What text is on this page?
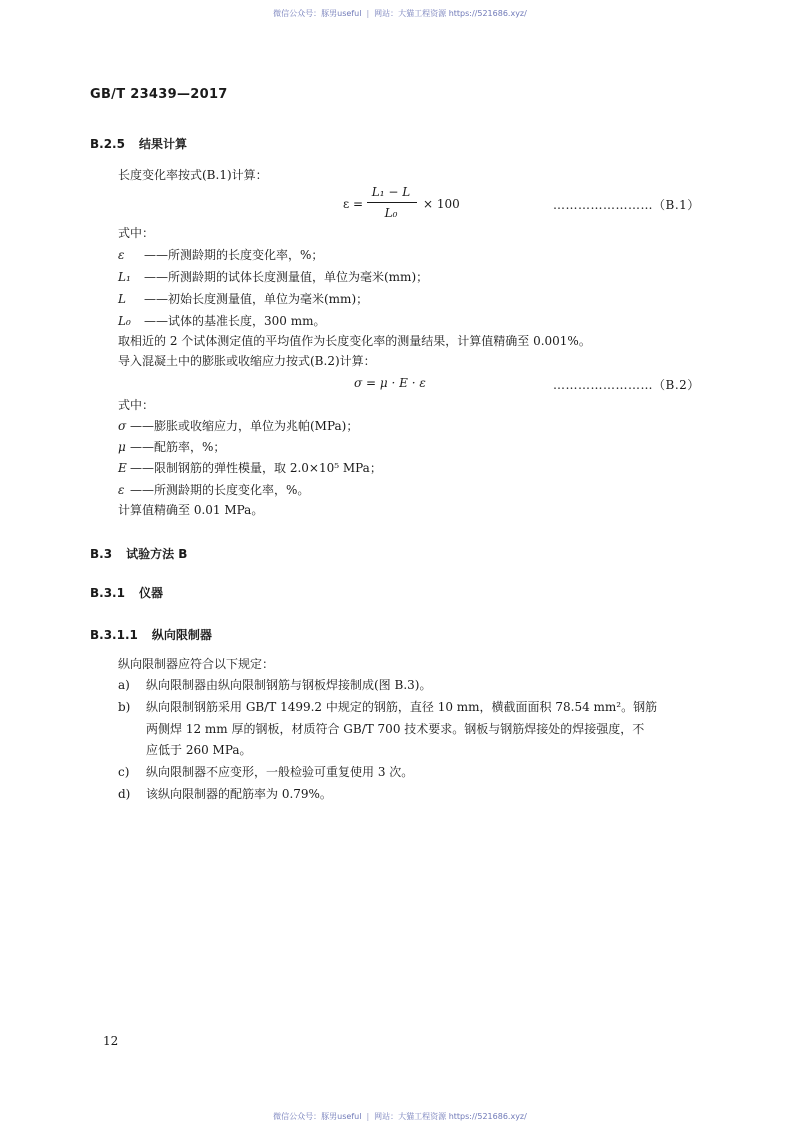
微信公众号：豚男useful | 网站：大猫工程资源 https://521686.xyz/
GB/T 23439—2017
B.2.5 结果计算
长度变化率按式(B.1)计算：
ε =
L₁ − L
L₀
× 100	……………………（B.1）
式中：
ε ——所测龄期的长度变化率，%；
L₁ ——所测龄期的试体长度测量值，单位为毫米(mm)；
L ——初始长度测量值，单位为毫米(mm)；
L₀ ——试体的基准长度，300 mm。
取相近的 2 个试体测定值的平均值作为长度变化率的测量结果，计算值精确至 0.001%。
导入混凝土中的膨胀或收缩应力按式(B.2)计算：
σ = μ · E · ε	……………………（B.2）
式中：
σ ——膨胀或收缩应力，单位为兆帕(MPa)；
μ ——配筋率，%；
E ——限制钢筋的弹性模量，取 2.0×10⁵ MPa；
ε ——所测龄期的长度变化率，%。
计算值精确至 0.01 MPa。
B.3 试验方法 B
B.3.1 仪器
B.3.1.1 纵向限制器
纵向限制器应符合以下规定：
a) 纵向限制器由纵向限制钢筋与钢板焊接制成(图 B.3)。
b) 纵向限制钢筋采用 GB/T 1499.2 中规定的钢筋，直径 10 mm，横截面面积 78.54 mm²。钢筋
两侧焊 12 mm 厚的钢板，材质符合 GB/T 700 技术要求。钢板与钢筋焊接处的焊接强度，不
应低于 260 MPa。
c) 纵向限制器不应变形，一般检验可重复使用 3 次。
d) 该纵向限制器的配筋率为 0.79%。
12
微信公众号：豚男useful | 网站：大猫工程资源 https://521686.xyz/
